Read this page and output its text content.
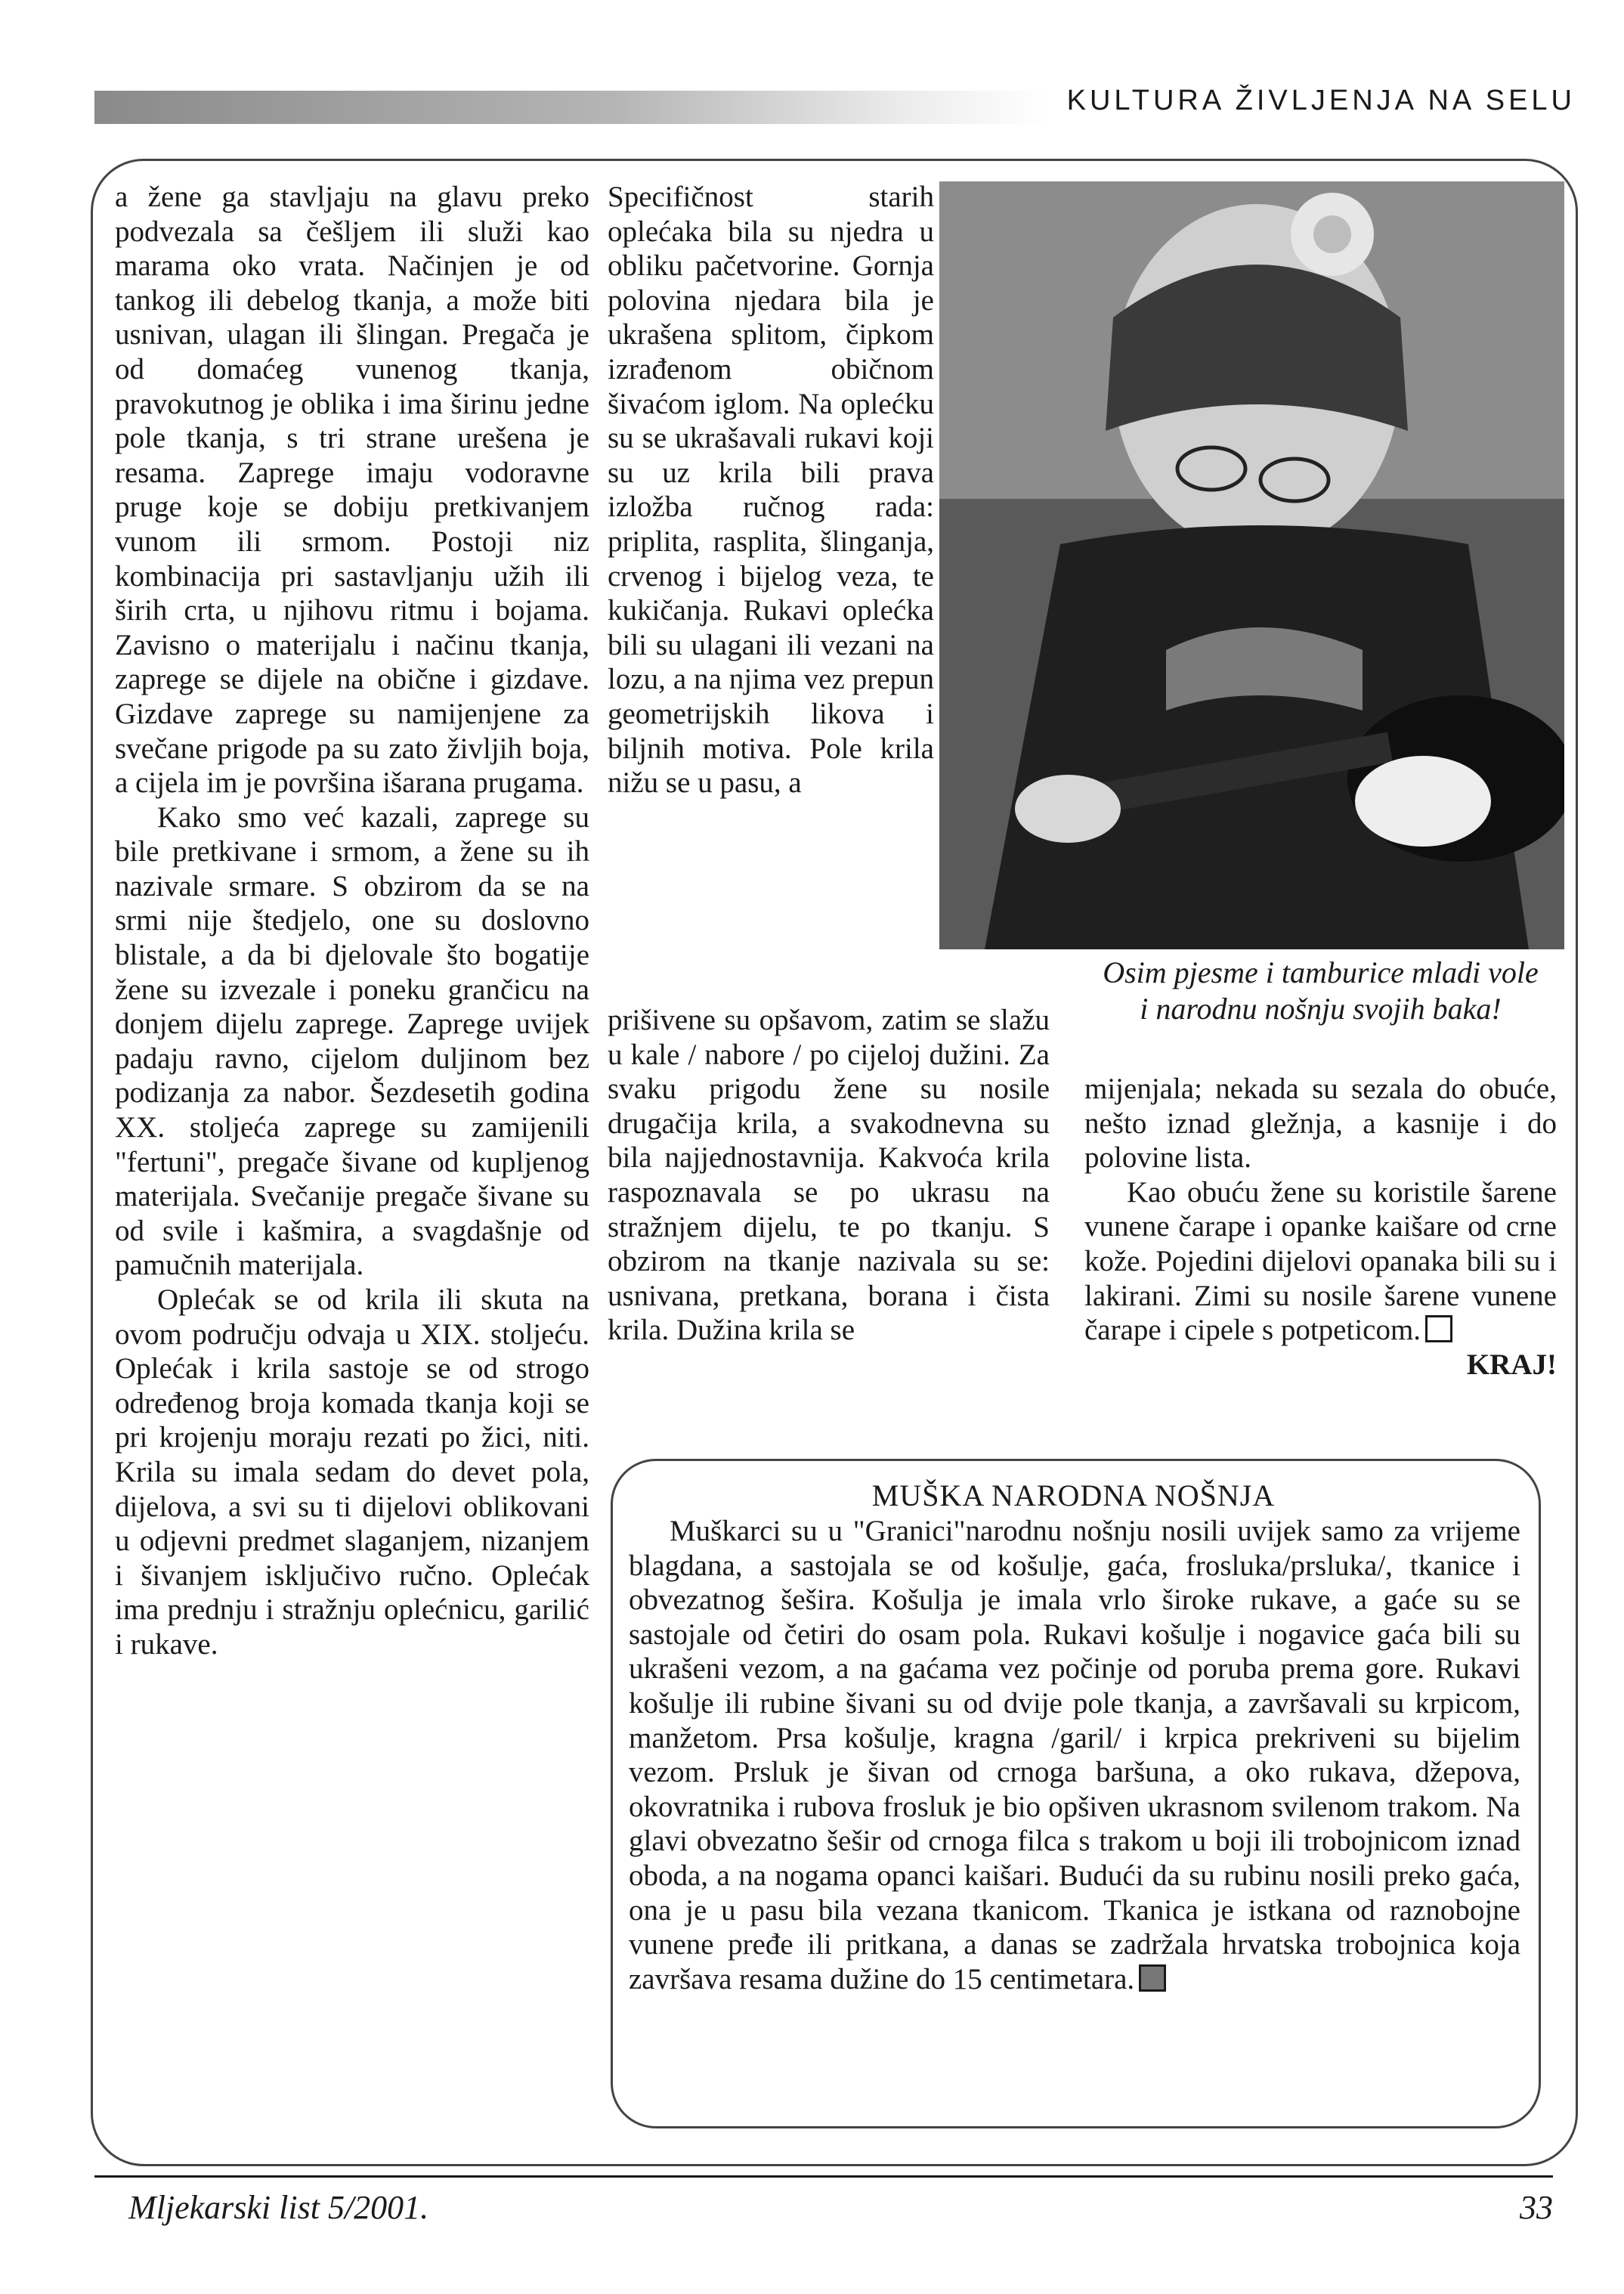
KULTURA ŽIVLJENJA NA SELU

a žene ga stavljaju na glavu preko podvezala sa češljem ili služi kao marama oko vrata. Načinjen je od tankog ili debelog tkanja, a može biti usnivan, ulagan ili šlingan. Pregača je od domaćeg vunenog tkanja, pravokutnog je oblika i ima širinu jedne pole tkanja, s tri strane urešena je resama. Zaprege imaju vodoravne pruge koje se dobiju pretkivanjem vunom ili srmom. Postoji niz kombinacija pri sastavljanju užih ili širih crta, u njihovu ritmu i bojama. Zavisno o materijalu i načinu tkanja, zaprege se dijele na obične i gizdave. Gizdave zaprege su namijenjene za svečane prigode pa su zato življih boja, a cijela im je površina išarana prugama.

Kako smo već kazali, zaprege su bile pretkivane i srmom, a žene su ih nazivale srmare. S obzirom da se na srmi nije štedjelo, one su doslovno blistale, a da bi djelovale što bogatije žene su izvezale i poneku grančicu na donjem dijelu zaprege. Zaprege uvijek padaju ravno, cijelom duljinom bez podizanja za nabor. Šezdesetih godina XX. stoljeća zaprege su zamijenili "fertuni", pregače šivane od kupljenog materijala. Svečanije pregače šivane su od svile i kašmira, a svagdašnje od pamučnih materijala.

Oplećak se od krila ili skuta na ovom području odvaja u XIX. stoljeću. Oplećak i krila sastoje se od strogo određenog broja komada tkanja koji se pri krojenju moraju rezati po žici, niti. Krila su imala sedam do devet pola, dijelova, a svi su ti dijelovi oblikovani u odjevni predmet slaganjem, nizanjem i šivanjem isključivo ručno. Oplećak ima prednju i stražnju oplećnicu, garilić i rukave.

Specifičnost starih oplećaka bila su njedra u obliku pačetvorine. Gornja polovina njedara bila je ukrašena splitom, čipkom izrađenom običnom šivaćom iglom. Na oplećku su se ukrašavali rukavi koji su uz krila bili prava izložba ručnog rada: priplita, rasplita, šlinganja, crvenog i bijelog veza, te kukičanja. Rukavi oplećka bili su ulagani ili vezani na lozu, a na njima vez prepun geometrijskih likova i biljnih motiva. Pole krila nižu se u pasu, a

Osim pjesme i tamburice mladi vole
i narodnu nošnju svojih baka!

prišivene su opšavom, zatim se slažu u kale / nabore / po cijeloj dužini. Za svaku prigodu žene su nosile drugačija krila, a svakodnevna su bila najjednostavnija. Kakvoća krila raspoznavala se po ukrasu na stražnjem dijelu, te po tkanju. S obzirom na tkanje nazivala su se: usnivana, pretkana, borana i čista krila. Dužina krila se

mijenjala; nekada su sezala do obuće, nešto iznad gležnja, a kasnije i do polovine lista.

Kao obuću žene su koristile šarene vunene čarape i opanke kaišare od crne kože. Pojedini dijelovi opanaka bili su i lakirani. Zimi su nosile šarene vunene čarape i cipele s potpeticom.

KRAJ!

MUŠKA NARODNA NOŠNJA

Muškarci su u "Granici"narodnu nošnju nosili uvijek samo za vrijeme blagdana, a sastojala se od košulje, gaća, frosluka/prsluka/, tkanice i obvezatnog šešira. Košulja je imala vrlo široke rukave, a gaće su se sastojale od četiri do osam pola. Rukavi košulje i nogavice gaća bili su ukrašeni vezom, a na gaćama vez počinje od poruba prema gore. Rukavi košulje ili rubine šivani su od dvije pole tkanja, a završavali su krpicom, manžetom. Prsa košulje, kragna /garil/ i krpica prekriveni su bijelim vezom. Prsluk je šivan od crnoga baršuna, a oko rukava, džepova, okovratnika i rubova frosluk je bio opšiven ukrasnom svilenom trakom. Na glavi obvezatno šešir od crnoga filca s trakom u boji ili trobojnicom iznad oboda, a na nogama opanci kaišari. Budući da su rubinu nosili preko gaća, ona je u pasu bila vezana tkanicom. Tkanica je istkana od raznobojne vunene pređe ili pritkana, a danas se zadržala hrvatska trobojnica koja završava resama dužine do 15 centimetara.

Mljekarski list 5/2001.	33
